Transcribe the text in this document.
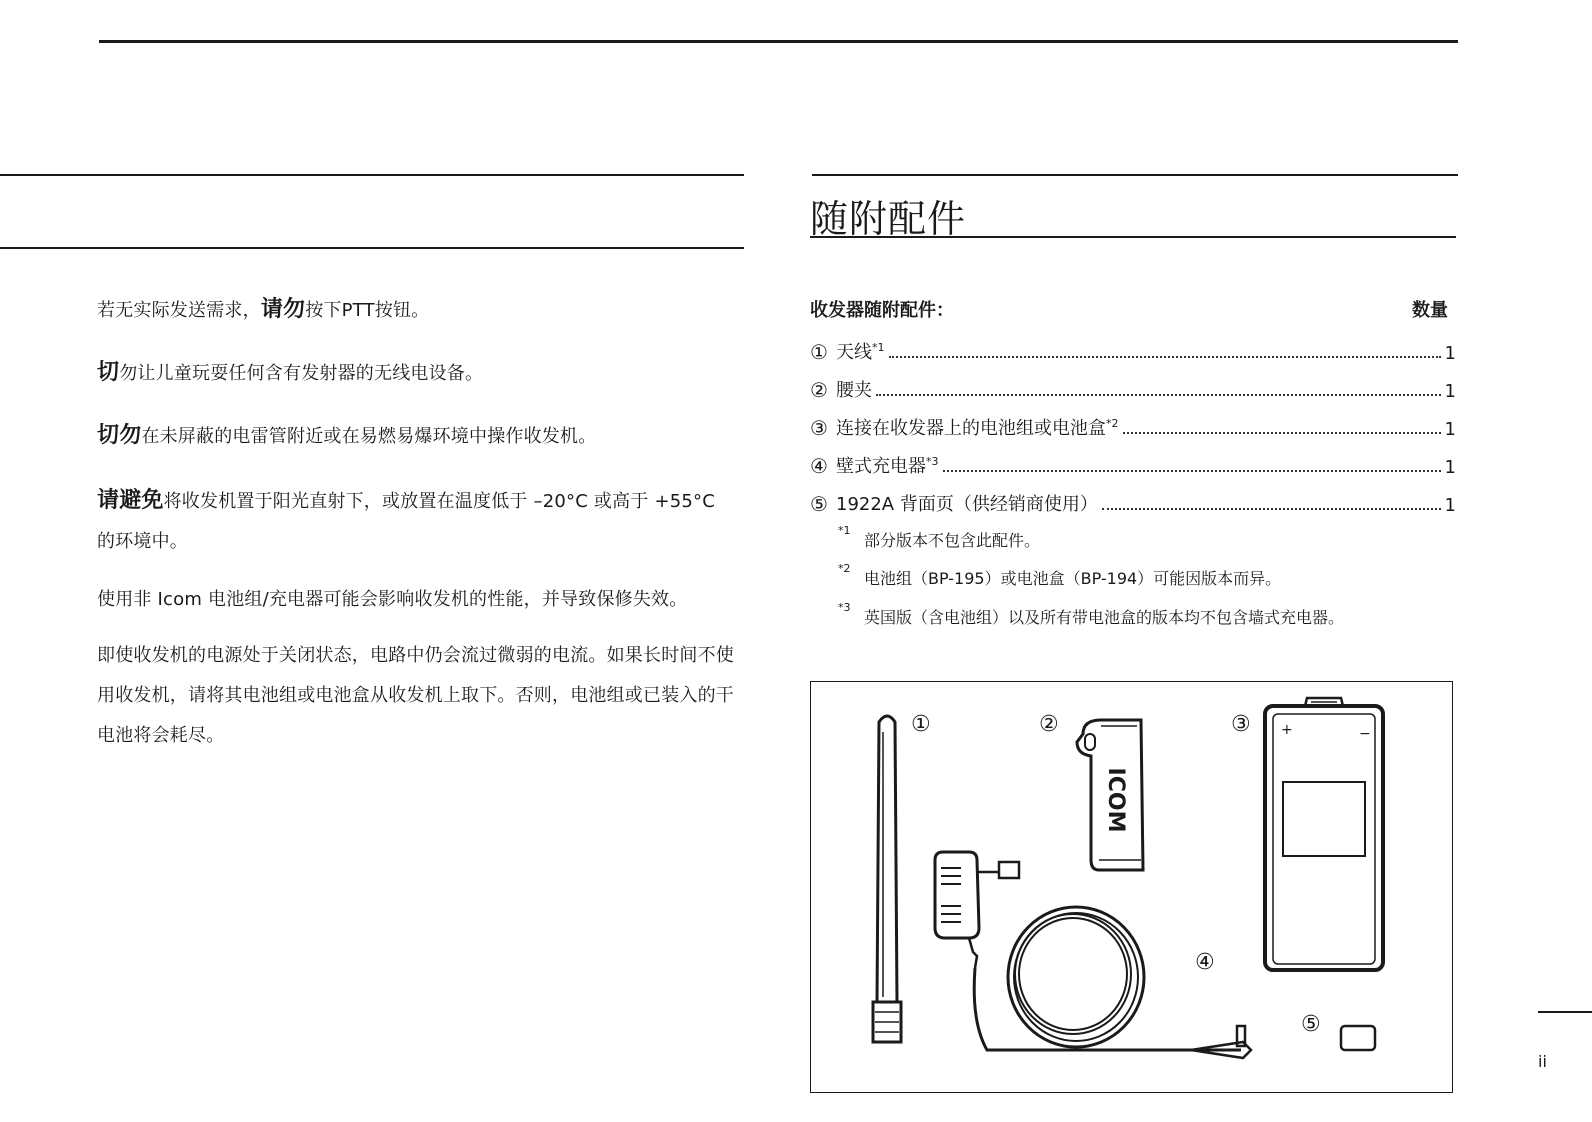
若无实际发送需求，请勿按下PTT按钮。
切勿让儿童玩耍任何含有发射器的无线电设备。
切勿在未屏蔽的电雷管附近或在易燃易爆环境中操作收发机。
请避免将收发机置于阳光直射下，或放置在温度低于 –20°C 或高于 +55°C 的环境中。
使用非 Icom 电池组/充电器可能会影响收发机的性能，并导致保修失效。
即使收发机的电源处于关闭状态，电路中仍会流过微弱的电流。如果长时间不使用收发机，请将其电池组或电池盒从收发机上取下。否则，电池组或已装入的干电池将会耗尽。
随附配件
收发器随附配件：	数量
① 天线$^{*1}$	1
② 腰夹	1
③ 连接在收发器上的电池组或电池盒$^{*2}$	1
④ 壁式充电器$^{*3}$	1
⑤ 1922A 背面页（供经销商使用）	1
*1
部分版本不包含此配件。
*2
电池组（BP-195）或电池盒（BP-194）可能因版本而异。
*3
英国版（含电池组）以及所有带电池盒的版本均不包含墙式充电器。
ICOM
+	−
①	②	③
④
⑤
ii
